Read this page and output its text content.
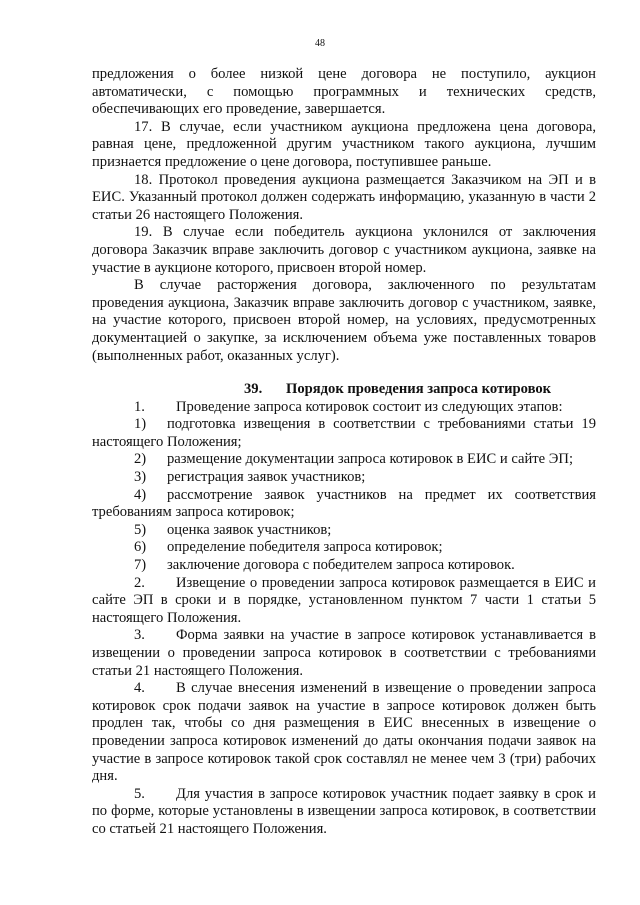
48

предложения о более низкой цене договора не поступило, аукцион автоматически, с помощью программных и технических средств, обеспечивающих его проведение, завершается.

17. В случае, если участником аукциона предложена цена договора, равная цене, предложенной другим участником такого аукциона, лучшим признается предложение о цене договора, поступившее раньше.

18. Протокол проведения аукциона размещается Заказчиком на ЭП и в ЕИС. Указанный протокол должен содержать информацию, указанную в части 2 статьи 26 настоящего Положения.

19. В случае если победитель аукциона уклонился от заключения договора Заказчик вправе заключить договор с участником аукциона, заявке на участие в аукционе которого, присвоен второй номер.

В случае расторжения договора, заключенного по результатам проведения аукциона, Заказчик вправе заключить договор с участником, заявке, на участие которого, присвоен второй номер, на условиях, предусмотренных документацией о закупке, за исключением объема уже поставленных товаров (выполненных работ, оказанных услуг).

39. Порядок проведения запроса котировок

1. Проведение запроса котировок состоит из следующих этапов:

1) подготовка извещения в соответствии с требованиями статьи 19 настоящего Положения;

2) размещение документации запроса котировок в ЕИС и сайте ЭП;

3) регистрация заявок участников;

4) рассмотрение заявок участников на предмет их соответствия требованиям запроса котировок;

5) оценка заявок участников;

6) определение победителя запроса котировок;

7) заключение договора с победителем запроса котировок.

2. Извещение о проведении запроса котировок размещается в ЕИС и сайте ЭП в сроки и в порядке, установленном пунктом 7 части 1 статьи 5 настоящего Положения.

3. Форма заявки на участие в запросе котировок устанавливается в извещении о проведении запроса котировок в соответствии с требованиями статьи 21 настоящего Положения.

4. В случае внесения изменений в извещение о проведении запроса котировок срок подачи заявок на участие в запросе котировок должен быть продлен так, чтобы со дня размещения в ЕИС внесенных в извещение о проведении запроса котировок изменений до даты окончания подачи заявок на участие в запросе котировок такой срок составлял не менее чем 3 (три) рабочих дня.

5. Для участия в запросе котировок участник подает заявку в срок и по форме, которые установлены в извещении запроса котировок, в соответствии со статьей 21 настоящего Положения.
